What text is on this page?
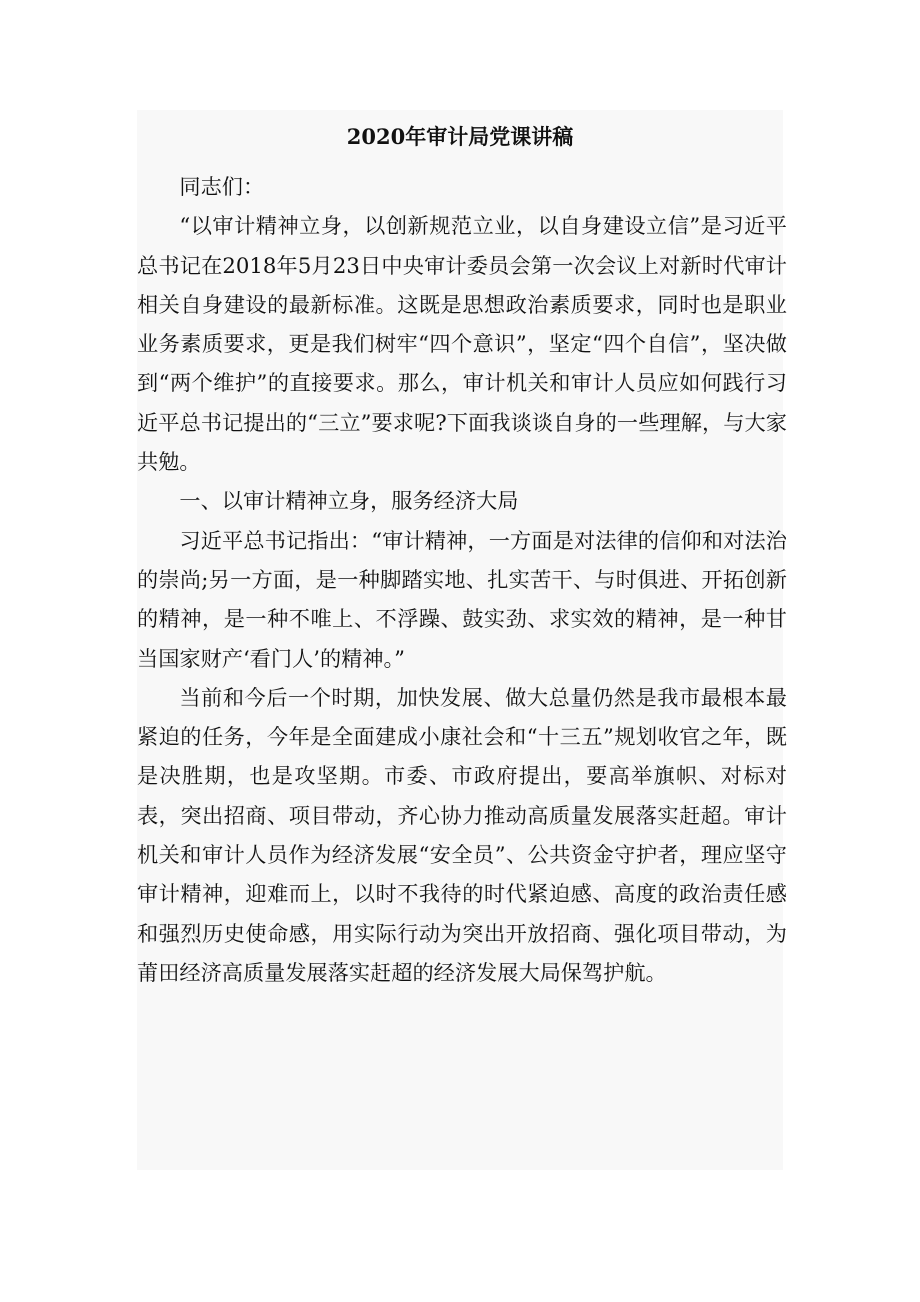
2020年审计局党课讲稿

同志们：

“以审计精神立身，以创新规范立业，以自身建设立信”是习近平总书记在2018年5月23日中央审计委员会第一次会议上对新时代审计相关自身建设的最新标准。这既是思想政治素质要求，同时也是职业业务素质要求，更是我们树牢“四个意识”，坚定“四个自信”，坚决做到“两个维护”的直接要求。那么，审计机关和审计人员应如何践行习近平总书记提出的“三立”要求呢?下面我谈谈自身的一些理解，与大家共勉。

一、以审计精神立身，服务经济大局

习近平总书记指出：“审计精神，一方面是对法律的信仰和对法治的崇尚;另一方面，是一种脚踏实地、扎实苦干、与时俱进、开拓创新的精神，是一种不唯上、不浮躁、鼓实劲、求实效的精神，是一种甘当国家财产‘看门人’的精神。”

当前和今后一个时期，加快发展、做大总量仍然是我市最根本最紧迫的任务，今年是全面建成小康社会和“十三五”规划收官之年，既是决胜期，也是攻坚期。市委、市政府提出，要高举旗帜、对标对表，突出招商、项目带动，齐心协力推动高质量发展落实赶超。审计机关和审计人员作为经济发展“安全员”、公共资金守护者，理应坚守审计精神，迎难而上，以时不我待的时代紧迫感、高度的政治责任感和强烈历史使命感，用实际行动为突出开放招商、强化项目带动，为莆田经济高质量发展落实赶超的经济发展大局保驾护航。
